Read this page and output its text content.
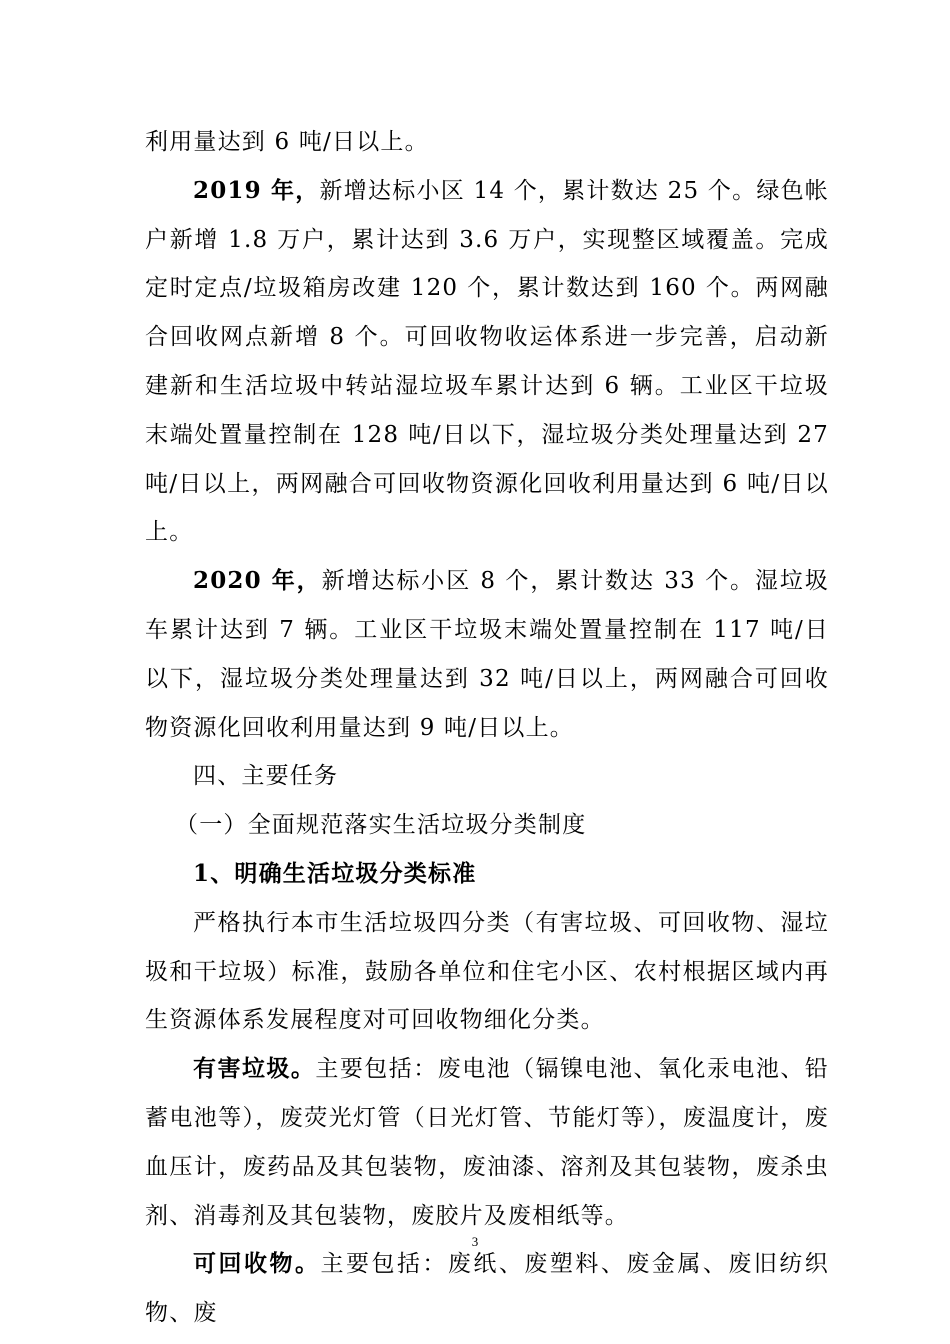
利用量达到 6 吨/日以上。

2019 年，新增达标小区 14 个，累计数达 25 个。绿色帐户新增 1.8 万户，累计达到 3.6 万户，实现整区域覆盖。完成定时定点/垃圾箱房改建 120 个，累计数达到 160 个。两网融合回收网点新增 8 个。可回收物收运体系进一步完善，启动新建新和生活垃圾中转站湿垃圾车累计达到 6 辆。工业区干垃圾末端处置量控制在 128 吨/日以下，湿垃圾分类处理量达到 27 吨/日以上，两网融合可回收物资源化回收利用量达到 6 吨/日以上。

2020 年，新增达标小区 8 个，累计数达 33 个。湿垃圾车累计达到 7 辆。工业区干垃圾末端处置量控制在 117 吨/日以下，湿垃圾分类处理量达到 32 吨/日以上，两网融合可回收物资源化回收利用量达到 9 吨/日以上。

四、主要任务

（一）全面规范落实生活垃圾分类制度

1、明确生活垃圾分类标准

严格执行本市生活垃圾四分类（有害垃圾、可回收物、湿垃圾和干垃圾）标准，鼓励各单位和住宅小区、农村根据区域内再生资源体系发展程度对可回收物细化分类。

有害垃圾。主要包括：废电池（镉镍电池、氧化汞电池、铅蓄电池等），废荧光灯管（日光灯管、节能灯等），废温度计，废血压计，废药品及其包装物，废油漆、溶剂及其包装物，废杀虫剂、消毒剂及其包装物，废胶片及废相纸等。

可回收物。主要包括：废纸、废塑料、废金属、废旧纺织物、废

3
